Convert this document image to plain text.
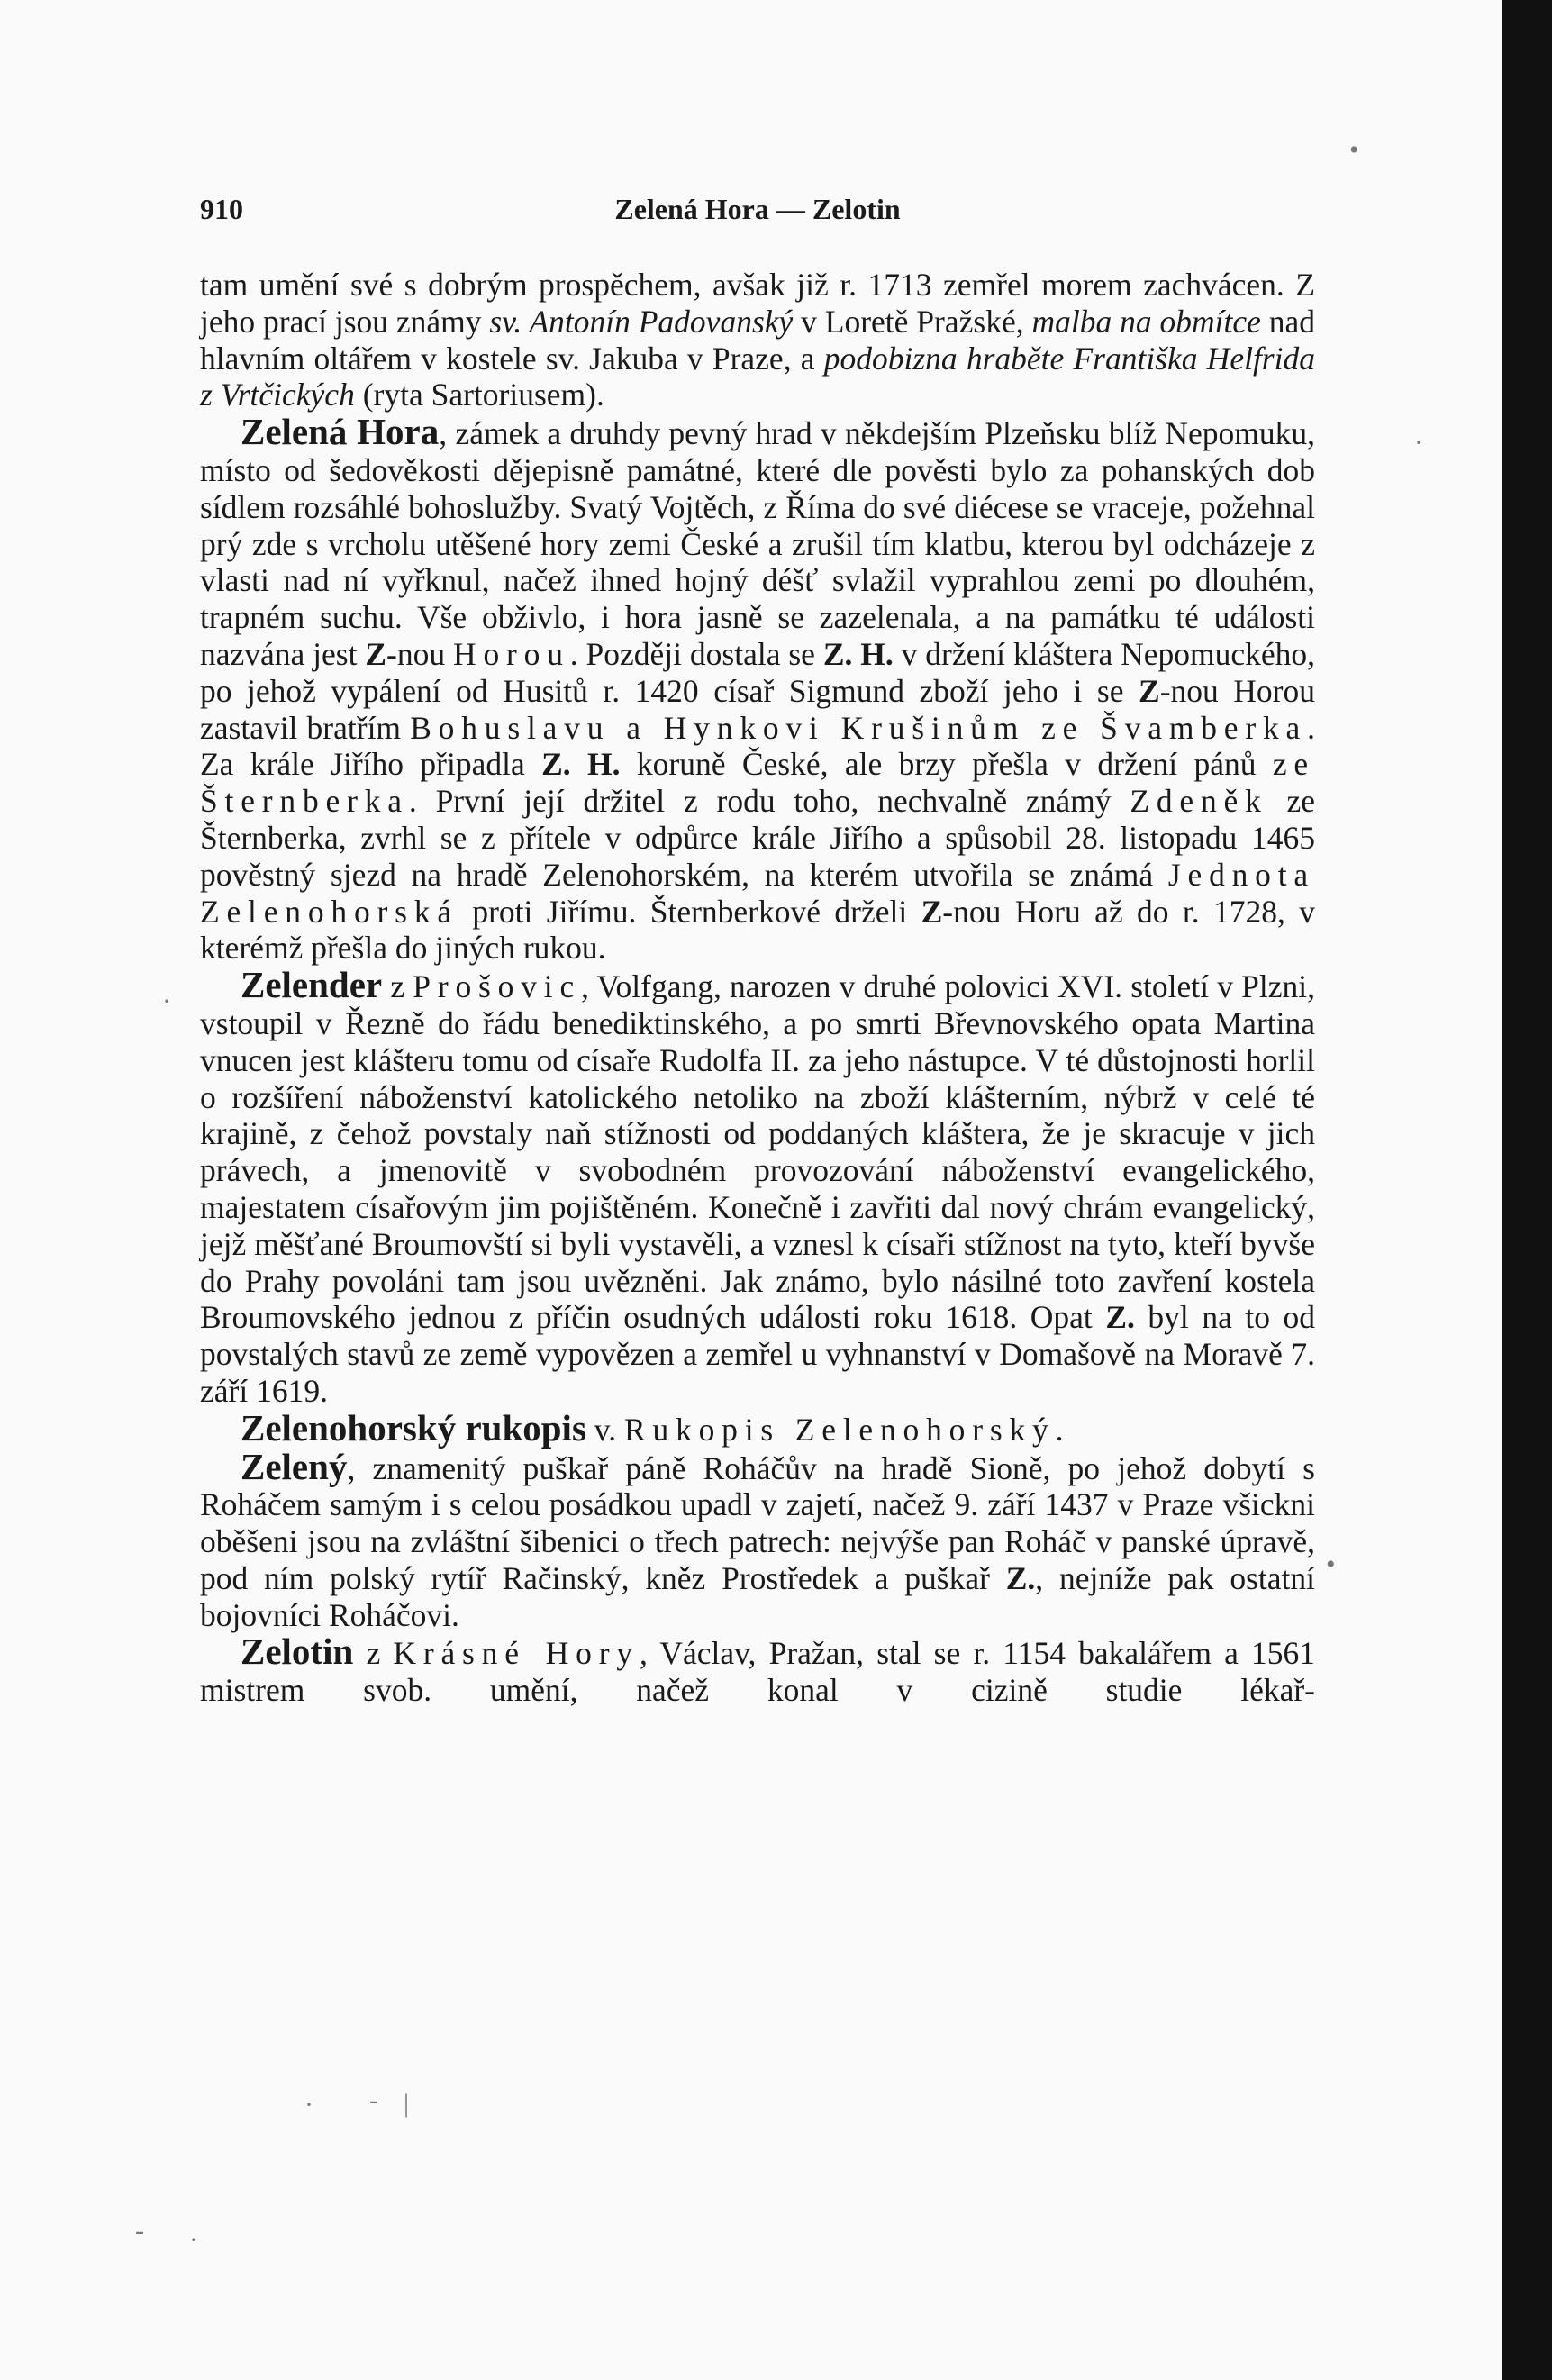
910	Zelená Hora — Zelotin

tam umění své s dobrým prospěchem, avšak již r. 1713 zemřel morem zachvácen. Z jeho prací jsou známy sv. Antonín Padovanský v Loretě Pražské, malba na obmítce nad hlavním oltářem v kostele sv. Jakuba v Praze, a podobizna hraběte Františka Helfrida z Vrtčických (ryta Sartoriusem).

Zelená Hora, zámek a druhdy pevný hrad v někdejším Plzeňsku blíž Nepomuku, místo od šedověkosti dějepisně památné, které dle pověsti bylo za pohanských dob sídlem rozsáhlé bohoslužby. Svatý Vojtěch, z Říma do své diécese se vraceje, požehnal prý zde s vrcholu utěšené hory zemi České a zrušil tím klatbu, kterou byl odcházeje z vlasti nad ní vyřknul, načež ihned hojný déšť svlažil vyprahlou zemi po dlouhém, trapném suchu. Vše obživlo, i hora jasně se zazelenala, a na památku té události nazvána jest Z-nou Horou. Později dostala se Z. H. v držení kláštera Nepomuckého, po jehož vypálení od Husitů r. 1420 císař Sigmund zboží jeho i se Z-nou Horou zastavil bratřím Bohuslavu a Hynkovi Krušinům ze Švamberka. Za krále Jiřího připadla Z. H. koruně České, ale brzy přešla v držení pánů ze Šternberka. První její držitel z rodu toho, nechvalně známý Zdeněk ze Šternberka, zvrhl se z přítele v odpůrce krále Jiřího a spůsobil 28. listopadu 1465 pověstný sjezd na hradě Zelenohorském, na kterém utvořila se známá Jednota Zelenohorská proti Jiřímu. Šternberkové drželi Z-nou Horu až do r. 1728, v kterémž přešla do jiných rukou.

Zelender z Prošovic, Volfgang, narozen v druhé polovici XVI. století v Plzni, vstoupil v Řezně do řádu benediktinského, a po smrti Břevnovského opata Martina vnucen jest klášteru tomu od císaře Rudolfa II. za jeho nástupce. V té důstojnosti horlil o rozšíření náboženství katolického netoliko na zboží klášterním, nýbrž v celé té krajině, z čehož povstaly naň stížnosti od poddaných kláštera, že je skracuje v jich právech, a jmenovitě v svobodném provozování náboženství evangelického, majestatem císařovým jim pojištěném. Konečně i zavřiti dal nový chrám evangelický, jejž měšťané Broumovští si byli vystavěli, a vznesl k císaři stížnost na tyto, kteří byvše do Prahy povoláni tam jsou uvězněni. Jak známo, bylo násilné toto zavření kostela Broumovského jednou z příčin osudných události roku 1618. Opat Z. byl na to od povstalých stavů ze země vypovězen a zemřel u vyhnanství v Domašově na Moravě 7. září 1619.

Zelenohorský rukopis v. Rukopis Zelenohorský.

Zelený, znamenitý puškař páně Roháčův na hradě Sioně, po jehož dobytí s Roháčem samým i s celou posádkou upadl v zajetí, načež 9. září 1437 v Praze všickni oběšeni jsou na zvláštní šibenici o třech patrech: nejvýše pan Roháč v panské úpravě, pod ním polský rytíř Račinský, kněz Prostředek a puškař Z., nejníže pak ostatní bojovníci Roháčovi.

Zelotin z Krásné Hory, Václav, Pražan, stal se r. 1154 bakalářem a 1561 mistrem svob. umění, načež konal v cizině studie lékař-

•
·
·
•
· - |
- ·
